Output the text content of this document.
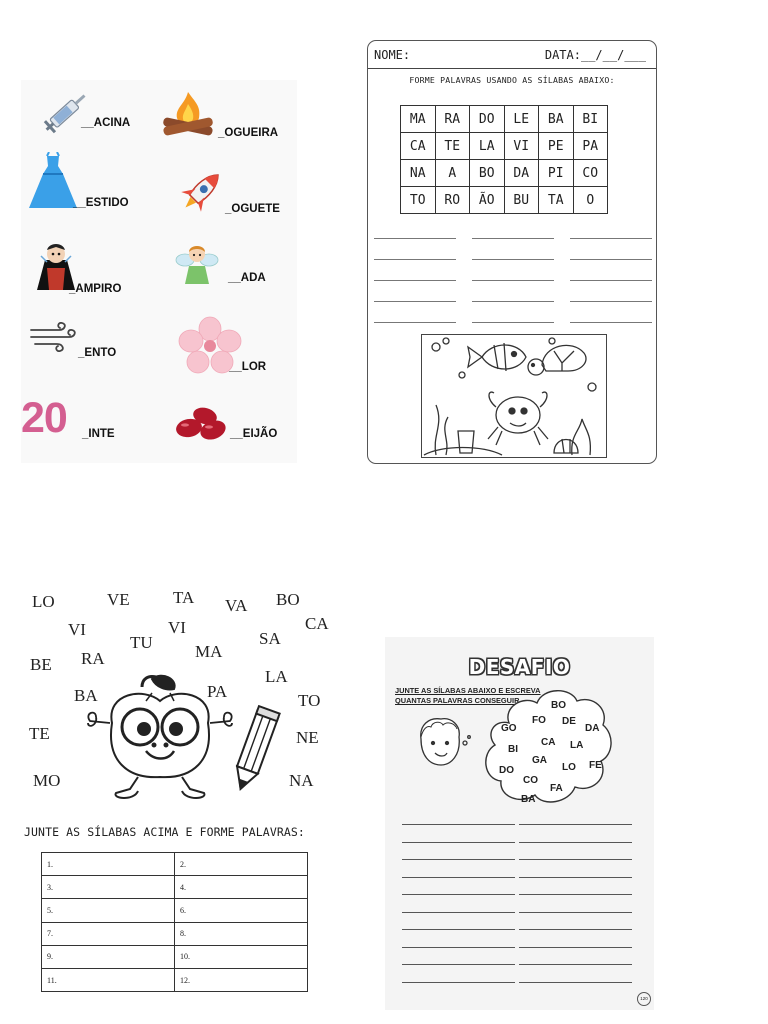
__ACINA
_OGUEIRA
__ESTIDO	_OGUETE
_AMPIRO
__ADA
_ENTO
__LOR
20 _INTE	__EIJÃO
NOME:	DATA:__/__/___
FORME PALAVRAS USANDO AS SÍLABAS ABAIXO:
MA	RA	DO	LE	BA	BI
CA	TE	LA	VI	PE	PA
NA	A	BO	DA	PI	CO
TO	RO	ÃO	BU	TA	O
LO	VE	TA VA BO
CA
VI	VI
TU	SA
BE RA	MA
LA
BA	PA	TO
TE	NE
MO	NA
JUNTE AS SÍLABAS ACIMA E FORME PALAVRAS:
1.	2.
3.	4.
5.	6.
7.	8.
9.	10.
11.	12.
DESAFIO
JUNTE AS SÍLABAS ABAIXO E ESCREVA
QUANTAS PALAVRAS CONSEGUIR.	BO
GO
FO DE
DA
BI
CA LA
GA
DO	LO FE
CO
FA
BA
120
